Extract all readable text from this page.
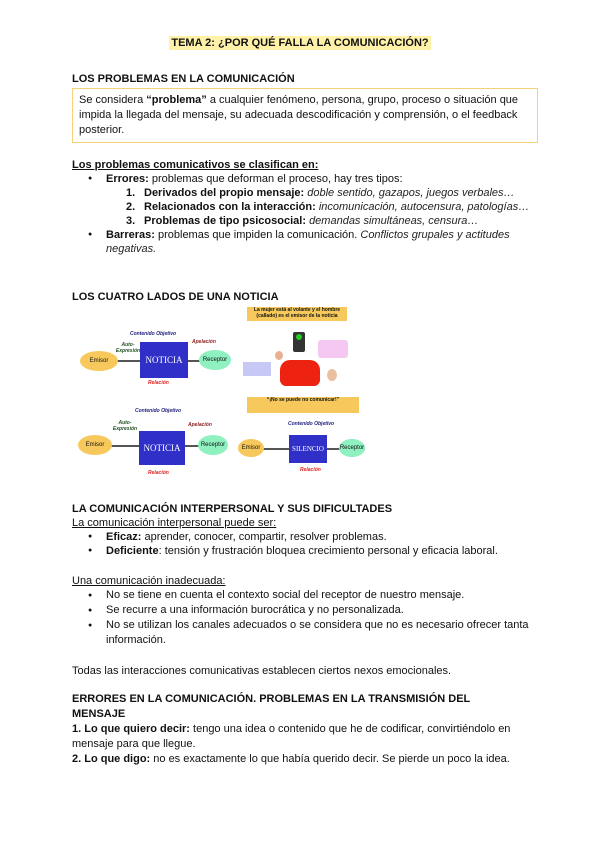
TEMA 2: ¿POR QUÉ FALLA LA COMUNICACIÓN?
LOS PROBLEMAS EN LA COMUNICACIÓN
Se considera “problema” a cualquier fenómeno, persona, grupo, proceso o situación que impida la llegada del mensaje, su adecuada descodificación y comprensión, o el feedback posterior.
Los problemas comunicativos se clasifican en:
● Errores: problemas que deforman el proceso, hay tres tipos:
1. Derivados del propio mensaje: doble sentido, gazapos, juegos verbales…
2. Relacionados con la interacción: incomunicación, autocensura, patologías…
3. Problemas de tipo psicosocial: demandas simultáneas, censura…
● Barreras: problemas que impiden la comunicación. Conflictos grupales y actitudes negativas.
LOS CUATRO LADOS DE UNA NOTICIA
Contenido Objetivo
Auto-Expresión
Emisor	NOTICIA	Receptor
Apelación
Relación
La mujer está al volante y el hombre (callado) es el emisor de la noticia
Contenido Objetivo
Auto-Expresión
Apelación
Emisor	NOTICIA	Receptor
Relación
“¡No se puede no comunicar!”
Contenido Objetivo
Emisor	SILENCIO	Receptor
Relación
LA COMUNICACIÓN INTERPERSONAL Y SUS DIFICULTADES
La comunicación interpersonal puede ser:
● Eficaz: aprender, conocer, compartir, resolver problemas.
● Deficiente: tensión y frustración bloquea crecimiento personal y eficacia laboral.
Una comunicación inadecuada:
● No se tiene en cuenta el contexto social del receptor de nuestro mensaje.
● Se recurre a una información burocrática y no personalizada.
● No se utilizan los canales adecuados o se considera que no es necesario ofrecer tanta información.
Todas las interacciones comunicativas establecen ciertos nexos emocionales.
ERRORES EN LA COMUNICACIÓN. PROBLEMAS EN LA TRANSMISIÓN DEL MENSAJE
1. Lo que quiero decir: tengo una idea o contenido que he de codificar, convirtiéndolo en mensaje para que llegue.
2. Lo que digo: no es exactamente lo que había querido decir. Se pierde un poco la idea.
